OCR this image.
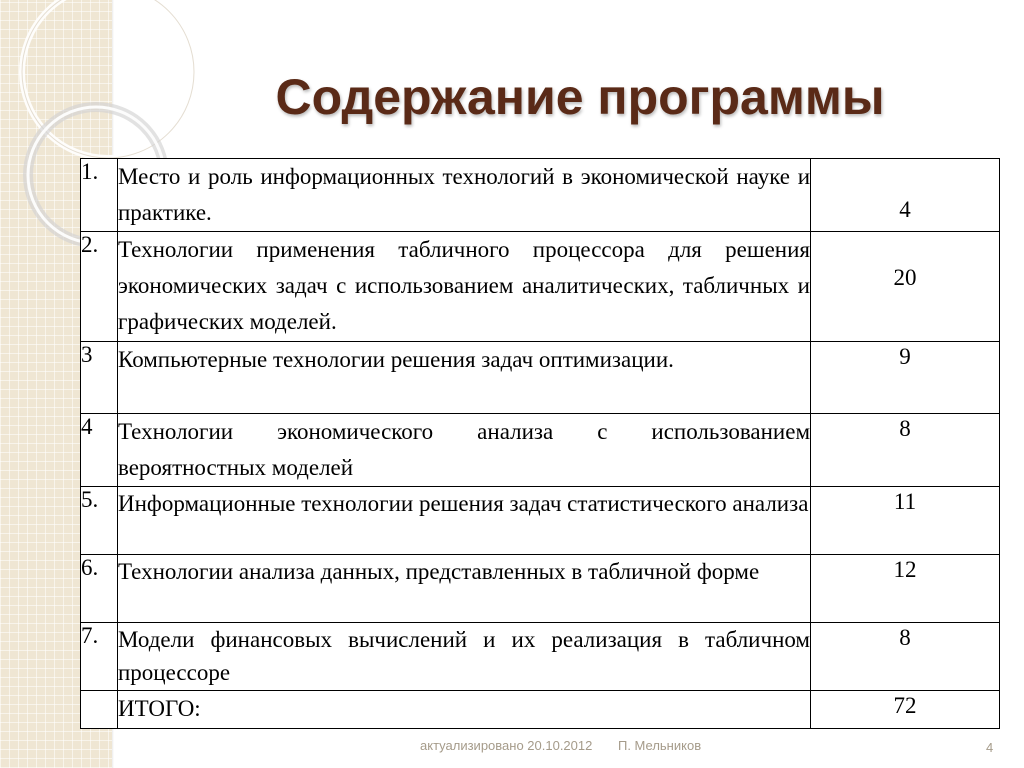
Содержание программы
1.	Место и роль информационных технологий в экономической науке и практике.	4

2.	Технологии применения табличного процессора для решения экономических задач с использованием аналитических, табличных и графических моделей.	20

3	Компьютерные технологии решения задач оптимизации.	9

4	Технологии экономического анализа с использованием вероятностных моделей	8

5.	Информационные технологии решения задач статистического анализа	11

6.	Технологии анализа данных, представленных в табличной форме	12

7.	Модели финансовых вычислений и их реализация в табличном процессоре	8

	ИТОГО:	72
актуализировано 20.10.2012 П. Мельников	4
